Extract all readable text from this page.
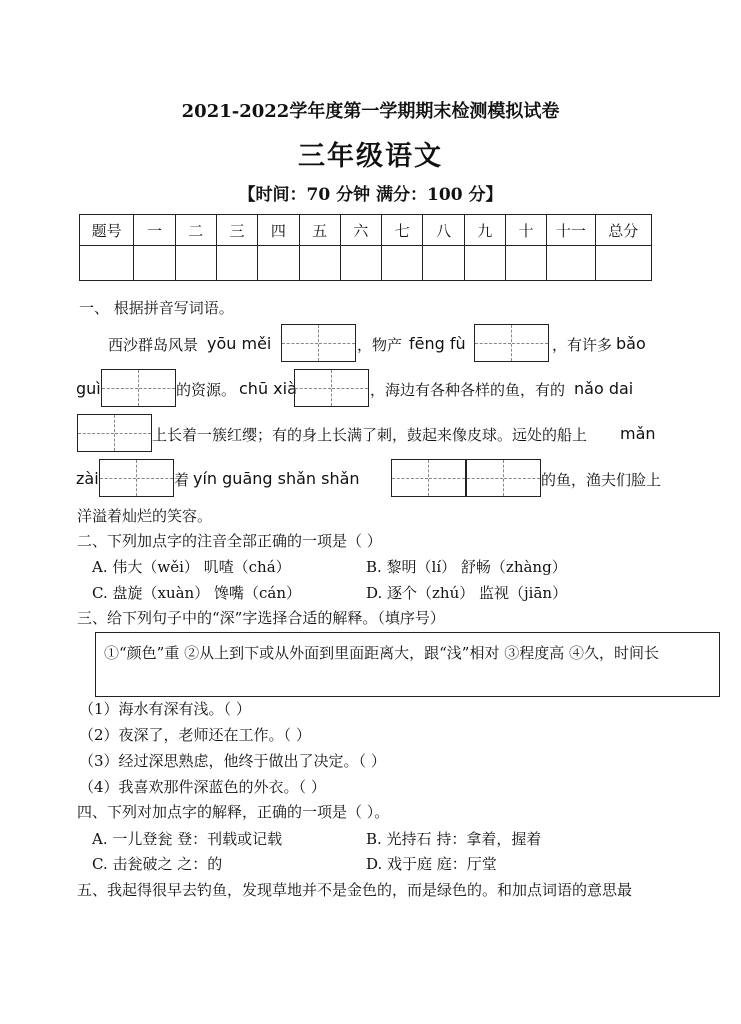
2021-2022学年度第一学期期末检测模拟试卷
三年级语文
【时间：70 分钟 满分：100 分】
题号	一	二	三	四	五	六	七	八	九	十	十一	总分

一、 根据拼音写词语。
西沙群岛风景 yōu měi	，物产 fēng fù	，有许多 bǎo
guì	的资源。 chū xià	，海边有各种各样的鱼，有的 nǎo dai
上长着一簇红缨；有的身上长满了刺，鼓起来像皮球。远处的船上 mǎn
zài	着 yín guāng shǎn shǎn	的鱼，渔夫们脸上
洋溢着灿烂的笑容。
二、下列加点字的注音全部正确的一项是（ ）
A. 伟大（wěi） 叽喳（chá）	B. 黎明（lí） 舒畅（zhàng）
C. 盘旋（xuàn） 馋嘴（cán）	D. 逐个（zhú） 监视（jiān）
三、给下列句子中的“深”字选择合适的解释。（填序号）
①“颜色”重 ②从上到下或从外面到里面距离大，跟“浅”相对 ③程度高 ④久，时间长
（1）海水有深有浅。（ ）
（2）夜深了，老师还在工作。（ ）
（3）经过深思熟虑，他终于做出了决定。（ ）
（4）我喜欢那件深蓝色的外衣。（ ）
四、下列对加点字的解释，正确的一项是（ ）。
A. 一儿登瓮 登：刊载或记载	B. 光持石 持：拿着，握着
C. 击瓮破之 之：的	D. 戏于庭 庭：厅堂
五、我起得很早去钓鱼，发现草地并不是金色的，而是绿色的。和加点词语的意思最
